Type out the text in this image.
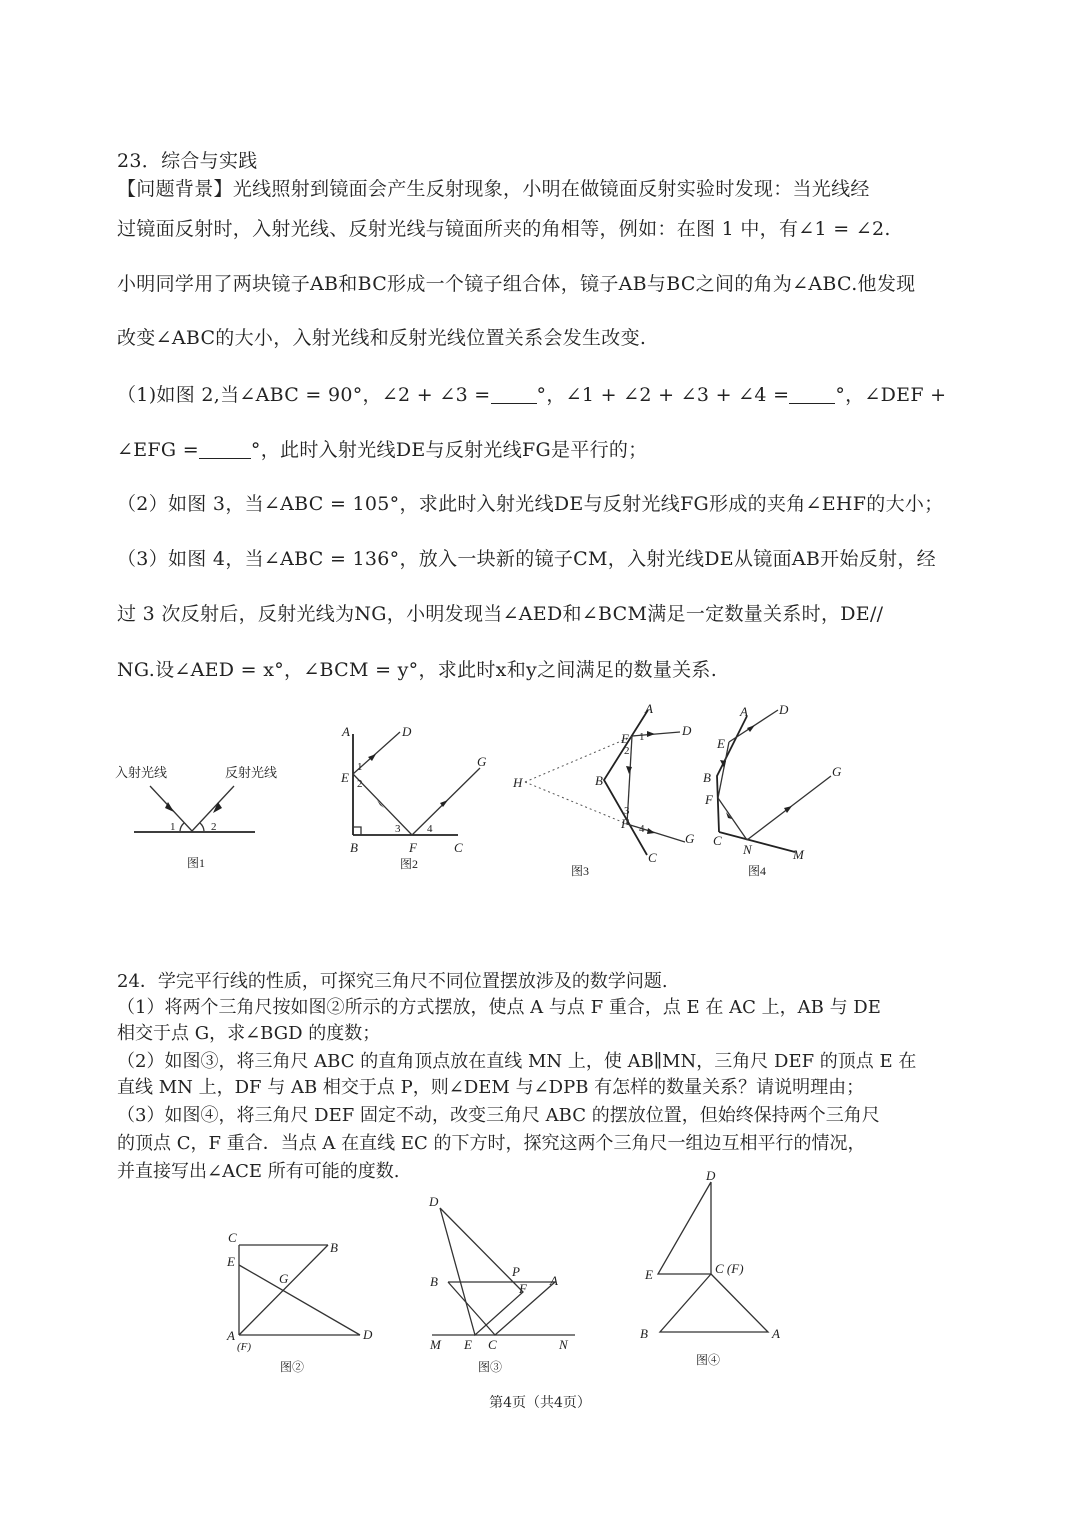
23．综合与实践
【问题背景】光线照射到镜面会产生反射现象，小明在做镜面反射实验时发现：当光线经
过镜面反射时，入射光线、反射光线与镜面所夹的角相等，例如：在图 1 中，有∠1 = ∠2.
小明同学用了两块镜子AB和BC形成一个镜子组合体，镜子AB与BC之间的角为∠ABC.他发现
改变∠ABC的大小，入射光线和反射光线位置关系会发生改变.
（1)如图 2,当∠ABC = 90°，∠2 + ∠3 = °，∠1 + ∠2 + ∠3 + ∠4 = °，∠DEF +
∠EFG =	°，此时入射光线DE与反射光线FG是平行的；
（2）如图 3，当∠ABC = 105°，求此时入射光线DE与反射光线FG形成的夹角∠EHF的大小；
（3）如图 4，当∠ABC = 136°，放入一块新的镜子CM，入射光线DE从镜面AB开始反射，经
过 3 次反射后，反射光线为NG，小明发现当∠AED和∠BCM满足一定数量关系时，DE//
NG.设∠AED = x°，∠BCM = y°，求此时x和y之间满足的数量关系.
入射光线	反射光线
1	2
图1
A	D
E
B	F	C
G
1
2
3 4
图2
A
D
E
H	B
F
G
C
1
2
3
4
图3
A D
E
B
F
C
N	M
G
图4
24．学完平行线的性质，可探究三角尺不同位置摆放涉及的数学问题.
（1）将两个三角尺按如图②所示的方式摆放，使点 A 与点 F 重合，点 E 在 AC 上，AB 与 DE
相交于点 G，求∠BGD 的度数；
（2）如图③，将三角尺 ABC 的直角顶点放在直线 MN 上，使 AB∥MN，三角尺 DEF 的顶点 E 在
直线 MN 上，DF 与 AB 相交于点 P，则∠DEM 与∠DPB 有怎样的数量关系？请说明理由；
（3）如图④，将三角尺 DEF 固定不动，改变三角尺 ABC 的摆放位置，但始终保持两个三角尺
的顶点 C，F 重合．当点 A 在直线 EC 的下方时，探究这两个三角尺一组边互相平行的情况，
并直接写出∠ACE 所有可能的度数.
C
B
E
G
A
(F)
D
图②
D
B
P
A
F
M E C	N
图③
D
E	C (F)
B	A
图④
第4页（共4页）
